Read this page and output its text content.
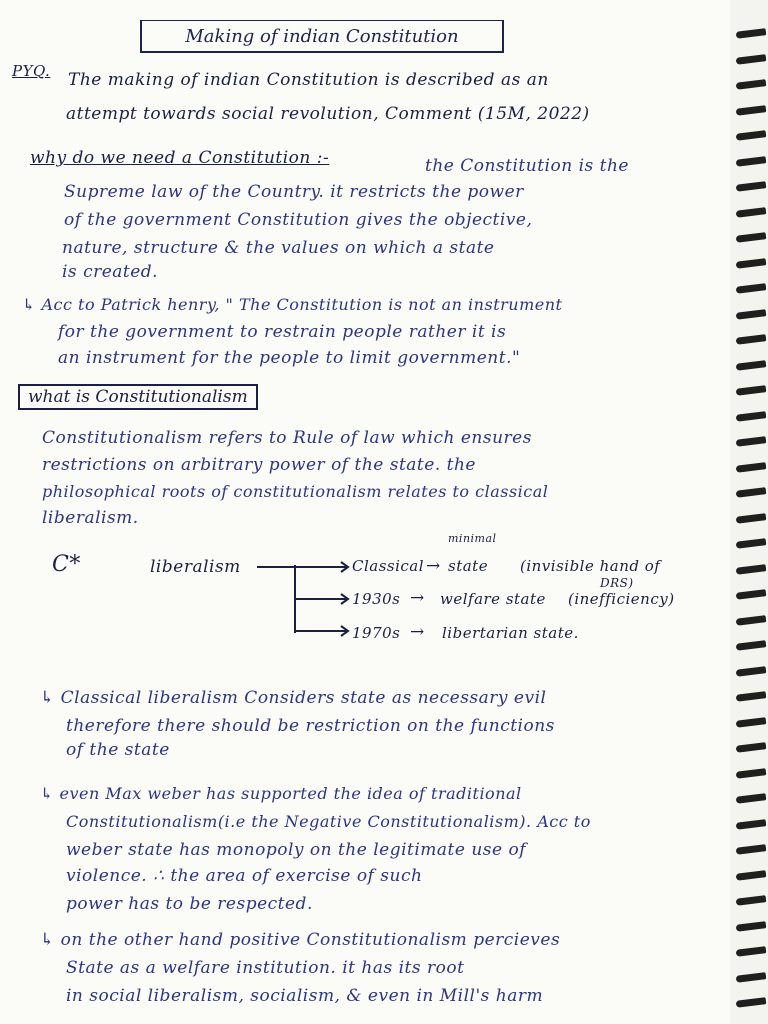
Making of indian Constitution
PYQ. The making of indian Constitution is described as an
attempt towards social revolution, Comment (15M, 2022)
why do we need a Constitution :-	the Constitution is the
Supreme law of the Country. it restricts the power
of the government Constitution gives the objective,
nature, structure & the values on which a state
is created.
↳ Acc to Patrick henry, " The Constitution is not an instrument
for the government to restrain people rather it is
an instrument for the people to limit government."
what is Constitutionalism
Constitutionalism refers to Rule of law which ensures
restrictions on arbitrary power of the state. the
philosophical roots of constitutionalism relates to classical
liberalism.
C*	liberalism
minimal
Classical → state (invisible hand of
DRS)
1930s → welfare state (inefficiency)
1970s → libertarian state.
↳ Classical liberalism Considers state as necessary evil
therefore there should be restriction on the functions
of the state
↳ even Max weber has supported the idea of traditional
Constitutionalism(i.e the Negative Constitutionalism). Acc to
weber state has monopoly on the legitimate use of
violence. ∴ the area of exercise of such
power has to be respected.
↳ on the other hand positive Constitutionalism percieves
State as a welfare institution. it has its root
in social liberalism, socialism, & even in Mill's harm
